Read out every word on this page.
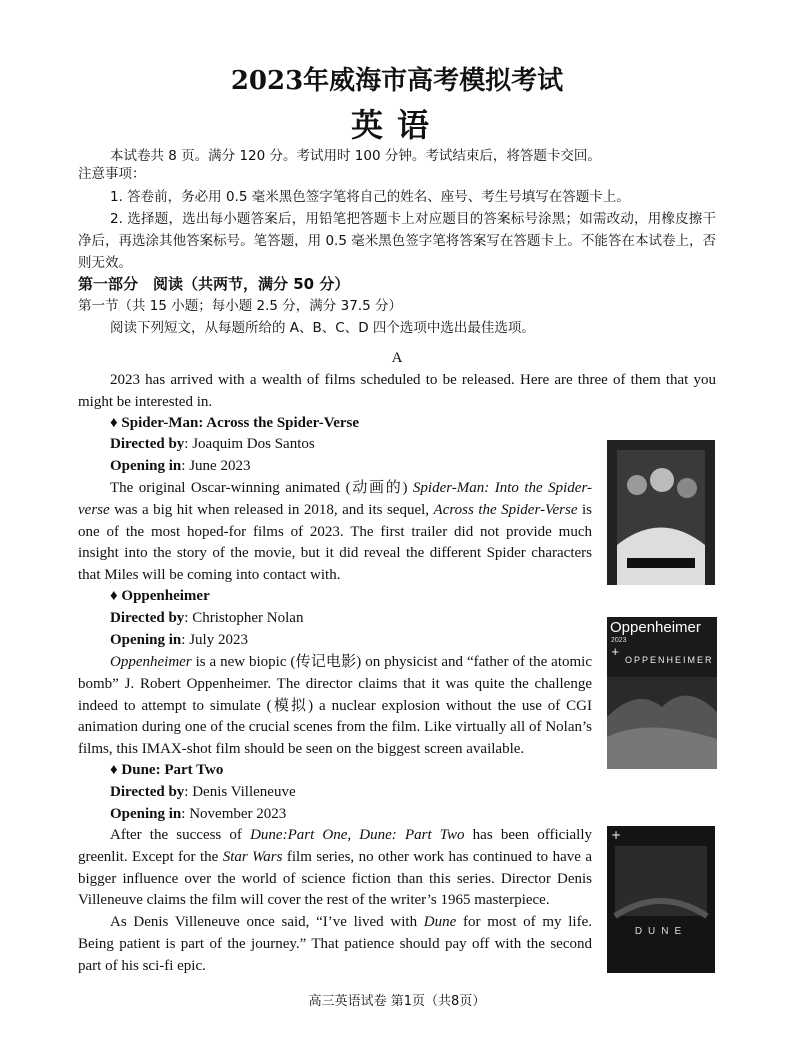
2023年威海市高考模拟考试
英语

本试卷共 8 页。满分 120 分。考试用时 100 分钟。考试结束后，将答题卡交回。

注意事项：

1. 答卷前，务必用 0.5 毫米黑色签字笔将自己的姓名、座号、考生号填写在答题卡上。

2. 选择题，选出每小题答案后，用铅笔把答题卡上对应题目的答案标号涂黑；如需改动，用橡皮擦干净后，再选涂其他答案标号。笔答题，用 0.5 毫米黑色签字笔将答案写在答题卡上。不能答在本试卷上，否则无效。

第一部分　阅读（共两节，满分 50 分）

第一节（共 15 小题；每小题 2.5 分，满分 37.5 分）

阅读下列短文，从每题所给的 A、B、C、D 四个选项中选出最佳选项。

A

2023 has arrived with a wealth of films scheduled to be released. Here are three of them that you might be interested in.

♦ Spider-Man: Across the Spider-Verse

Directed by: Joaquim Dos Santos

Opening in: June 2023

The original Oscar-winning animated (动画的) Spider-Man: Into the Spider-verse was a big hit when released in 2018, and its sequel, Across the Spider-Verse is one of the most hoped-for films of 2023. The first trailer did not provide much insight into the story of the movie, but it did reveal the different Spider characters that Miles will be coming into contact with.

♦ Oppenheimer

Directed by: Christopher Nolan

Opening in: July 2023

Oppenheimer is a new biopic (传记电影) on physicist and “father of the atomic bomb” J. Robert Oppenheimer. The director claims that it was quite the challenge indeed to attempt to simulate (模拟) a nuclear explosion without the use of CGI animation during one of the crucial scenes from the film. Like virtually all of Nolan’s films, this IMAX-shot film should be seen on the biggest screen available.

Oppenheimer
2023
OPPENHEIMER
+

♦ Dune: Part Two

Directed by: Denis Villeneuve

Opening in: November 2023

After the success of Dune:Part One, Dune: Part Two has been officially greenlit. Except for the Star Wars film series, no other work has continued to have a bigger influence over the world of science fiction than this series. Director Denis Villeneuve claims the film will cover the rest of the writer’s 1965 masterpiece.

As Denis Villeneuve once said, “I’ve lived with Dune for most of my life. Being patient is part of the journey.” That patience should pay off with the second part of his sci-fi epic.

+
DUNE
高三英语试卷 第1页（共8页）
